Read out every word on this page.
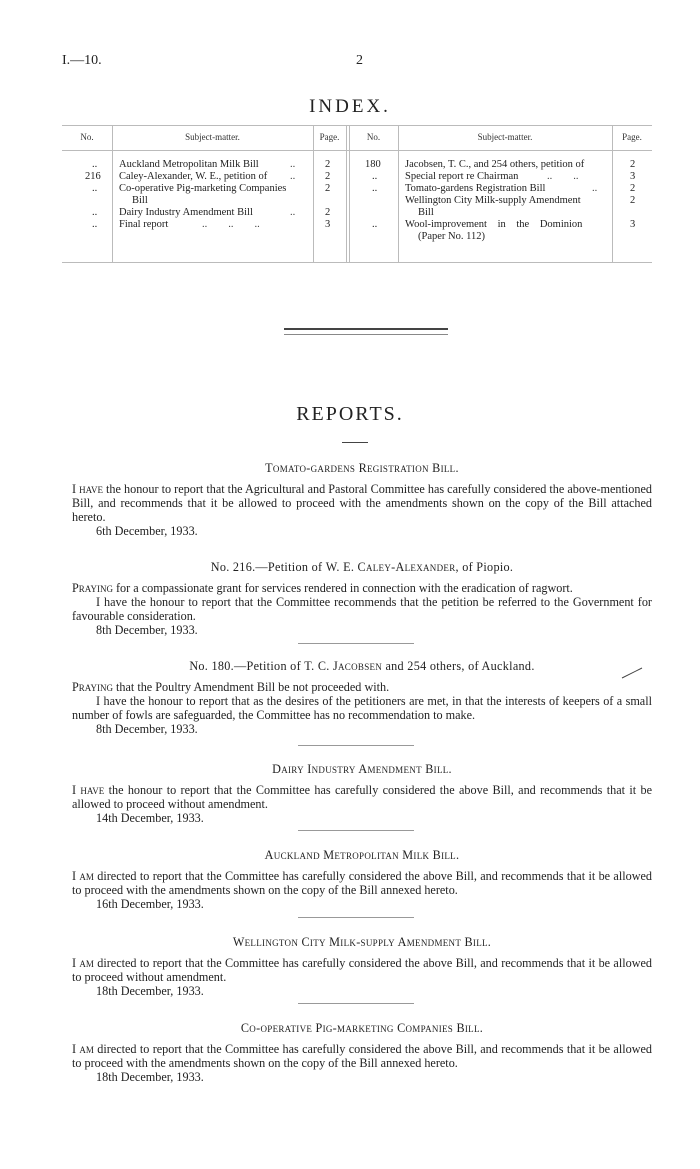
I.—10.	2
INDEX.
No.	Subject-matter.	Page.	No.	Subject-matter.	Page.
.. Auckland Metropolitan Milk Bill	..	2
216 Caley-Alexander, W. E., petition of ..	2
.. Co-operative Pig-marketing Companies	2
Bill
.. Dairy Industry Amendment Bill	..	2
.. Final report	..        ..        ..	3
180 Jacobsen, T. C., and 254 others, petition of	2
..	Special report re Chairman	..        ..	3
..	Tomato-gardens Registration Bill	..	2
Wellington City Milk-supply Amendment	2
Bill
..	Wool-improvement in the Dominion	3
(Paper No. 112)
REPORTS.
Tomato-gardens Registration Bill.
I have the honour to report that the Agricultural and Pastoral Committee has carefully considered the above-mentioned Bill, and recommends that it be allowed to proceed with the amendments shown on the copy of the Bill attached hereto.
6th December, 1933.
No. 216.—Petition of W. E. Caley-Alexander, of Piopio.
Praying for a compassionate grant for services rendered in connection with the eradication of ragwort.
I have the honour to report that the Committee recommends that the petition be referred to the Government for favourable consideration.
8th December, 1933.
No. 180.—Petition of T. C. Jacobsen and 254 others, of Auckland.
Praying that the Poultry Amendment Bill be not proceeded with.
I have the honour to report that as the desires of the petitioners are met, in that the interests of keepers of a small number of fowls are safeguarded, the Committee has no recommendation to make.
8th December, 1933.
Dairy Industry Amendment Bill.
I have the honour to report that the Committee has carefully considered the above Bill, and recommends that it be allowed to proceed without amendment.
14th December, 1933.
Auckland Metropolitan Milk Bill.
I am directed to report that the Committee has carefully considered the above Bill, and recommends that it be allowed to proceed with the amendments shown on the copy of the Bill annexed hereto.
16th December, 1933.
Wellington City Milk-supply Amendment Bill.
I am directed to report that the Committee has carefully considered the above Bill, and recommends that it be allowed to proceed without amendment.
18th December, 1933.
Co-operative Pig-marketing Companies Bill.
I am directed to report that the Committee has carefully considered the above Bill, and recommends that it be allowed to proceed with the amendments shown on the copy of the Bill annexed hereto.
18th December, 1933.
